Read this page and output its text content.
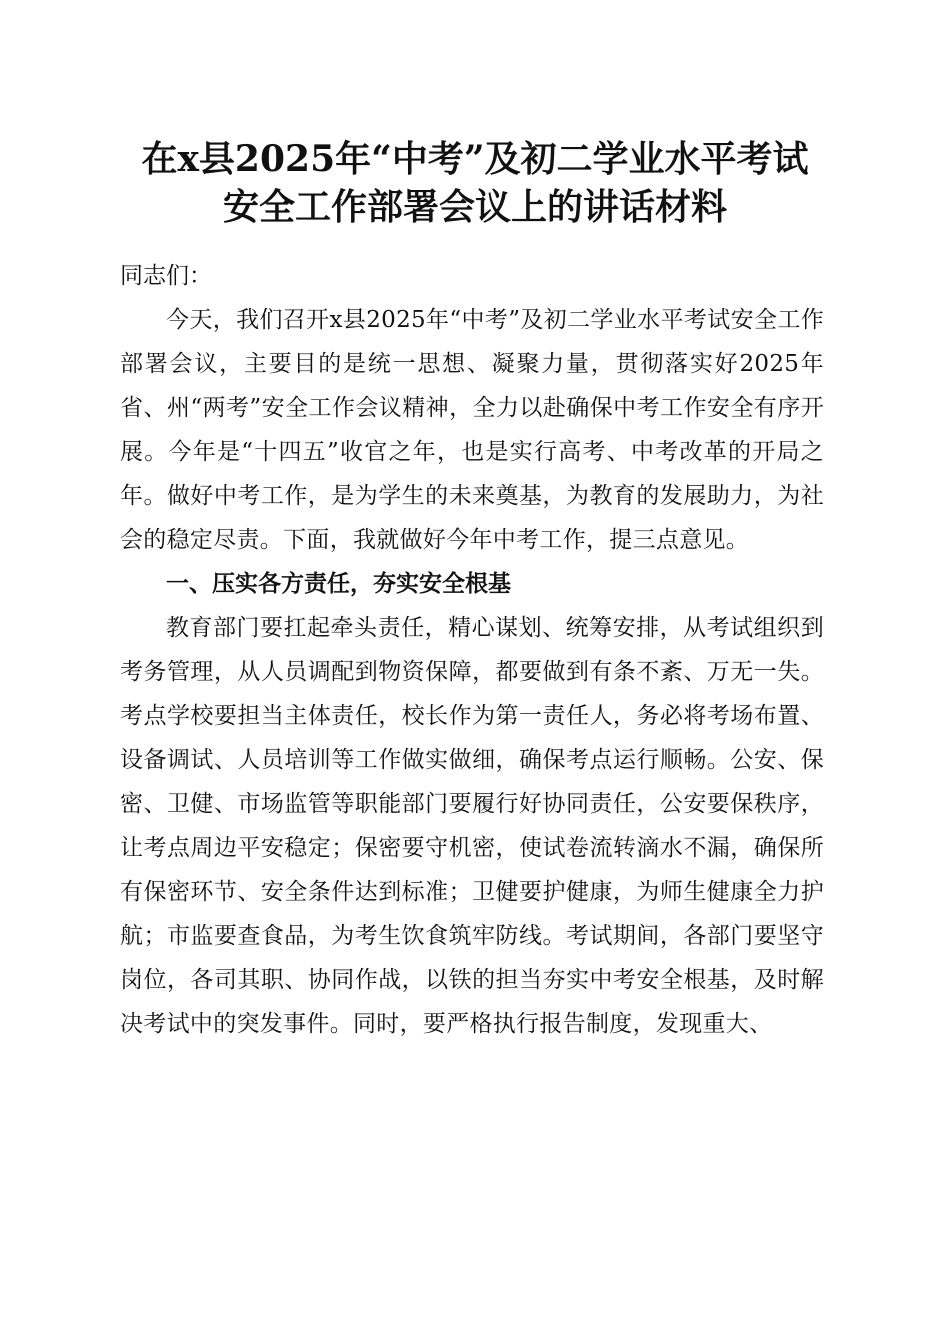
在x县2025年“中考”及初二学业水平考试
安全工作部署会议上的讲话材料

同志们：

今天，我们召开x县2025年“中考”及初二学业水平考试安全工作部署会议，主要目的是统一思想、凝聚力量，贯彻落实好2025年省、州“两考”安全工作会议精神，全力以赴确保中考工作安全有序开展。今年是“十四五”收官之年，也是实行高考、中考改革的开局之年。做好中考工作，是为学生的未来奠基，为教育的发展助力，为社会的稳定尽责。下面，我就做好今年中考工作，提三点意见。

一、压实各方责任，夯实安全根基

教育部门要扛起牵头责任，精心谋划、统筹安排，从考试组织到考务管理，从人员调配到物资保障，都要做到有条不紊、万无一失。考点学校要担当主体责任，校长作为第一责任人，务必将考场布置、设备调试、人员培训等工作做实做细，确保考点运行顺畅。公安、保密、卫健、市场监管等职能部门要履行好协同责任，公安要保秩序，让考点周边平安稳定；保密要守机密，使试卷流转滴水不漏，确保所有保密环节、安全条件达到标准；卫健要护健康，为师生健康全力护航；市监要查食品，为考生饮食筑牢防线。考试期间，各部门要坚守岗位，各司其职、协同作战，以铁的担当夯实中考安全根基，及时解决考试中的突发事件。同时，要严格执行报告制度，发现重大、
